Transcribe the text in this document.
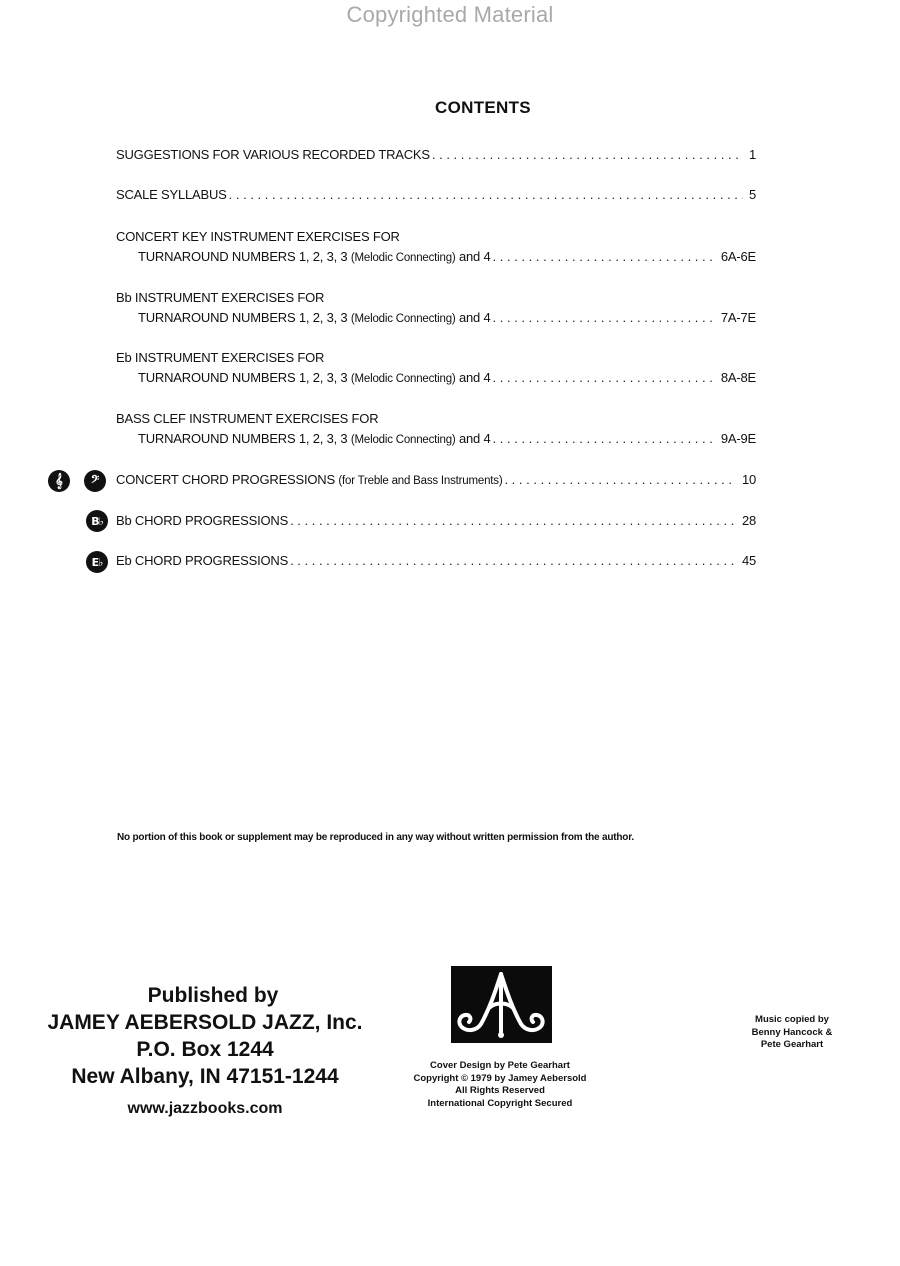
Copyrighted Material
CONTENTS
SUGGESTIONS FOR VARIOUS RECORDED TRACKS . . .	1
SCALE SYLLABUS . . .	5
CONCERT KEY INSTRUMENT EXERCISES FOR
TURNAROUND NUMBERS 1, 2, 3, 3 (Melodic Connecting) and 4 . . .	6A-6E
Bb INSTRUMENT EXERCISES FOR
TURNAROUND NUMBERS 1, 2, 3, 3 (Melodic Connecting) and 4 . . .	7A-7E
Eb INSTRUMENT EXERCISES FOR
TURNAROUND NUMBERS 1, 2, 3, 3 (Melodic Connecting) and 4 . . .	8A-8E
BASS CLEF INSTRUMENT EXERCISES FOR
TURNAROUND NUMBERS 1, 2, 3, 3 (Melodic Connecting) and 4 . . .	9A-9E
𝄞	𝄢	CONCERT CHORD PROGRESSIONS (for Treble and Bass Instruments) . . .	10
B♭	Bb CHORD PROGRESSIONS . . .	28
E♭	Eb CHORD PROGRESSIONS . . .	45
No portion of this book or supplement may be reproduced in any way without written permission from the author.
Published by
JAMEY AEBERSOLD JAZZ, Inc.
P.O. Box 1244
New Albany, IN 47151-1244
www.jazzbooks.com
Cover Design by Pete Gearhart
Copyright © 1979 by Jamey Aebersold
All Rights Reserved
International Copyright Secured
Music copied by
Benny Hancock &
Pete Gearhart
